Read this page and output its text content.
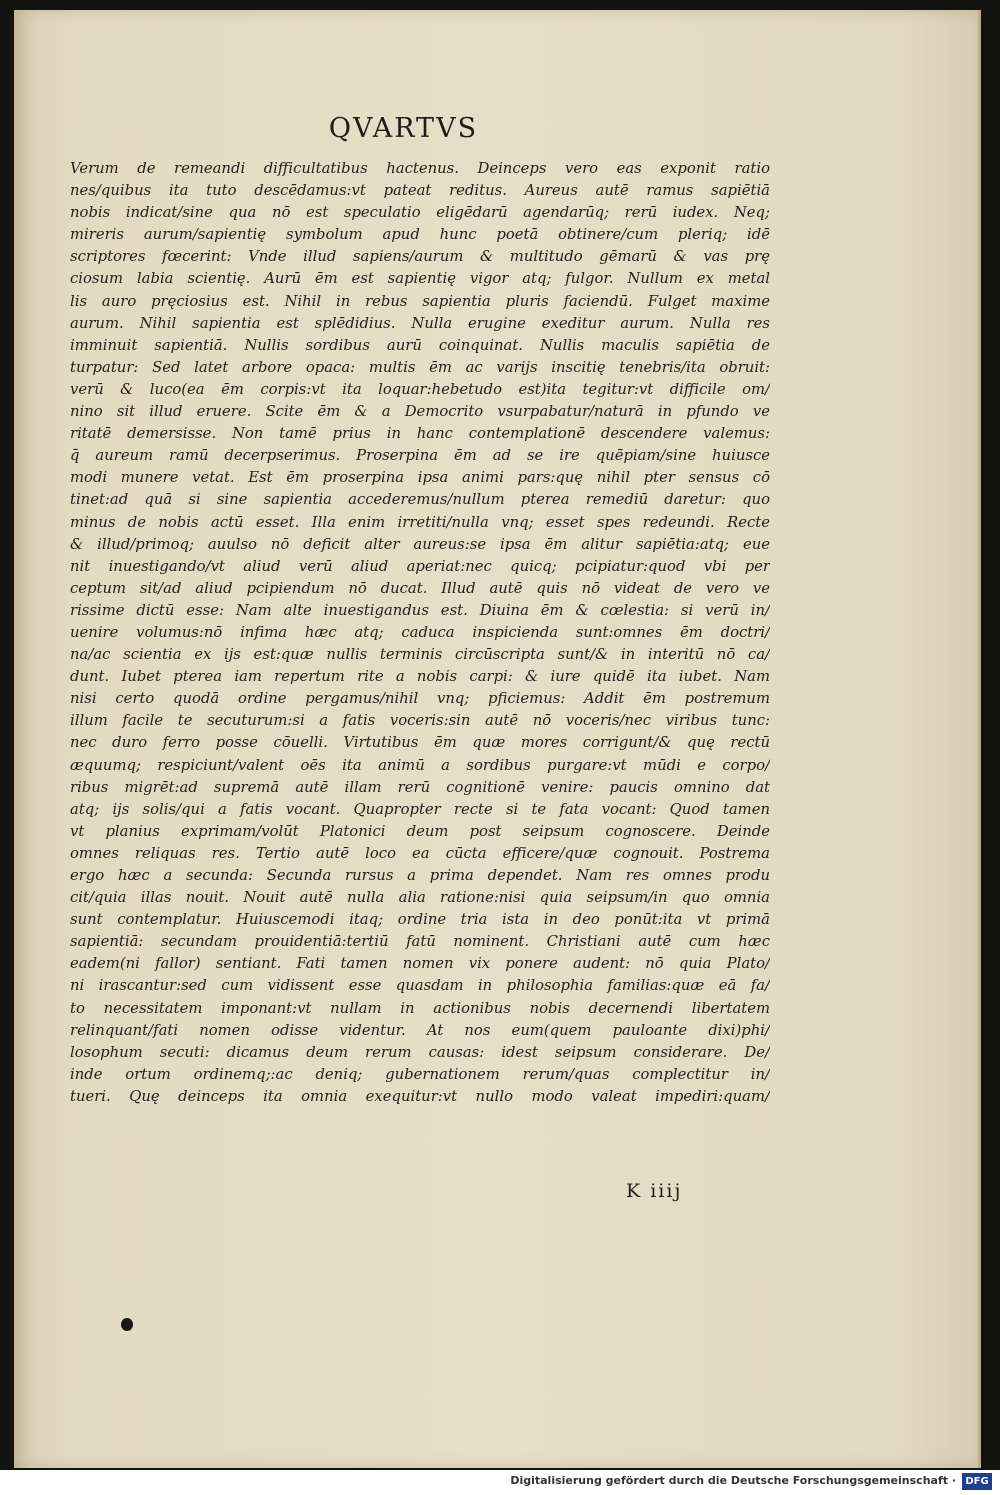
QVARTVS
Verum de remeandi difficultatibus hactenus. Deinceps vero eas exponit ratio
nes/quibus ita tuto descēdamus:vt pateat reditus. Aureus autē ramus sapiētiā
nobis indicat/sine qua nō est speculatio eligēdarū agendarūq; rerū iudex. Neq;
mireris aurum/sapientię symbolum apud hunc poetā obtinere/cum pleriq; idē
scriptores fœcerint: Vnde illud sapiens/aurum & multitudo gēmarū & vas prę
ciosum labia scientię. Aurū ēm est sapientię vigor atq; fulgor. Nullum ex metal
lis auro pręciosius est. Nihil in rebus sapientia pluris faciendū. Fulget maxime
aurum. Nihil sapientia est splēdidius. Nulla erugine exeditur aurum. Nulla res
imminuit sapientiā. Nullis sordibus aurū coinquinat. Nullis maculis sapiētia de
turpatur: Sed latet arbore opaca: multis ēm ac varijs inscitię tenebris/ita obruit:
verū & luco(ea ēm corpis:vt ita loquar:hebetudo est)ita tegitur:vt difficile om/
nino sit illud eruere. Scite ēm & a Democrito vsurpabatur/naturā in pfundo ve
ritatē demersisse. Non tamē prius in hanc contemplationē descendere valemus:
q̄ aureum ramū decerpserimus. Proserpina ēm ad se ire quēpiam/sine huiusce
modi munere vetat. Est ēm proserpina ipsa animi pars:quę nihil pter sensus cō
tinet:ad quā si sine sapientia accederemus/nullum pterea remediū daretur: quo
minus de nobis actū esset. Illa enim irretiti/nulla vnq; esset spes redeundi. Recte
& illud/primoq; auulso nō deficit alter aureus:se ipsa ēm alitur sapiētia:atq; eue
nit inuestigando/vt aliud verū aliud aperiat:nec quicq; pcipiatur:quod vbi per
ceptum sit/ad aliud pcipiendum nō ducat. Illud autē quis nō videat de vero ve
rissime dictū esse: Nam alte inuestigandus est. Diuina ēm & cœlestia: si verū in/
uenire volumus:nō infima hæc atq; caduca inspicienda sunt:omnes ēm doctri/
na/ac scientia ex ijs est:quæ nullis terminis circūscripta sunt/& in interitū nō ca/
dunt. Iubet pterea iam repertum rite a nobis carpi: & iure quidē ita iubet. Nam
nisi certo quodā ordine pergamus/nihil vnq; pficiemus: Addit ēm postremum
illum facile te secuturum:si a fatis voceris:sin autē nō voceris/nec viribus tunc:
nec duro ferro posse cōuelli. Virtutibus ēm quæ mores corrigunt/& quę rectū
æquumq; respiciunt/valent oēs ita animū a sordibus purgare:vt mūdi e corpo/
ribus migrēt:ad supremā autē illam rerū cognitionē venire: paucis omnino dat
atq; ijs solis/qui a fatis vocant. Quapropter recte si te fata vocant: Quod tamen
vt planius exprimam/volūt Platonici deum post seipsum cognoscere. Deinde
omnes reliquas res. Tertio autē loco ea cūcta efficere/quæ cognouit. Postrema
ergo hæc a secunda: Secunda rursus a prima dependet. Nam res omnes produ
cit/quia illas nouit. Nouit autē nulla alia ratione:nisi quia seipsum/in quo omnia
sunt contemplatur. Huiuscemodi itaq; ordine tria ista in deo ponūt:ita vt primā
sapientiā: secundam prouidentiā:tertiū fatū nominent. Christiani autē cum hæc
eadem(ni fallor) sentiant. Fati tamen nomen vix ponere audent: nō quia Plato/
ni irascantur:sed cum vidissent esse quasdam in philosophia familias:quæ eā fa/
to necessitatem imponant:vt nullam in actionibus nobis decernendi libertatem
relinquant/fati nomen odisse videntur. At nos eum(quem pauloante dixi)phi/
losophum secuti: dicamus deum rerum causas: idest seipsum considerare. De/
inde ortum ordinemq;:ac deniq; gubernationem rerum/quas complectitur in/
tueri. Quę deinceps ita omnia exequitur:vt nullo modo valeat impediri:quam/
K iiij
Digitalisierung gefördert durch die Deutsche Forschungsgemeinschaft · DFG
